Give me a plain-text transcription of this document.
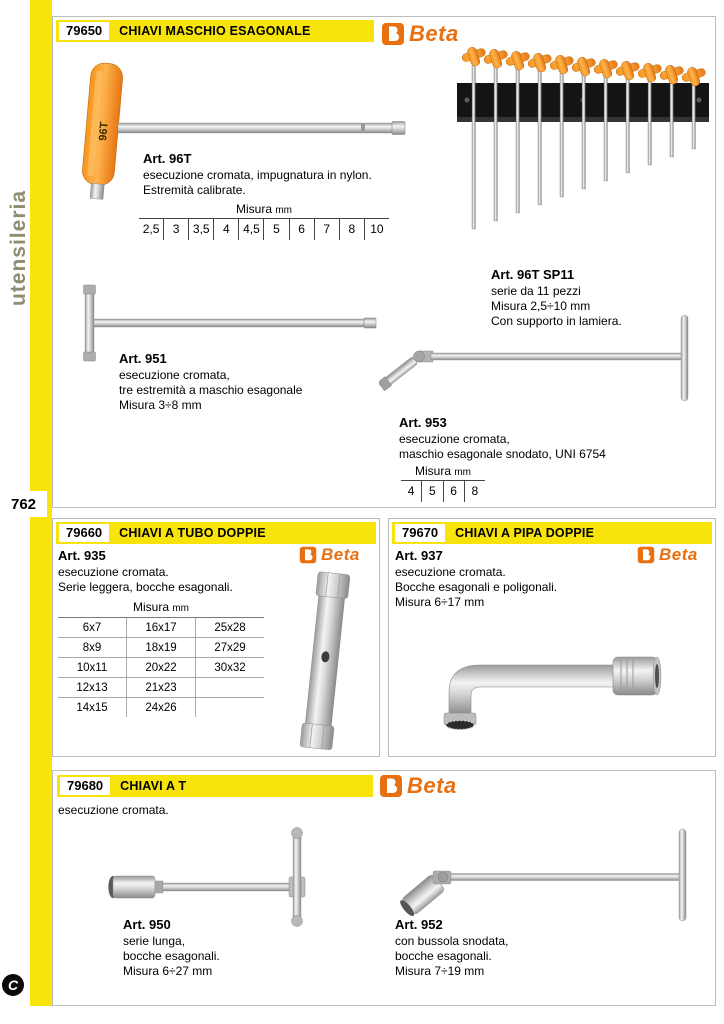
utensileria
762
C
79650	CHIAVI MASCHIO ESAGONALE	Beta
96T
Art. 96T
esecuzione cromata, impugnatura in nylon.
Estremità calibrate.
Misura mm
2,5	3	3,5	4	4,5	5	6	7	8	10
Art. 96T SP11
serie da 11 pezzi
Misura 2,5÷10 mm
Con supporto in lamiera.
Art. 951
esecuzione cromata,
tre estremità a maschio esagonale
Misura 3÷8 mm
Art. 953
esecuzione cromata,
maschio esagonale snodato, UNI 6754
Misura mm
4	5	6	8
79660	CHIAVI A TUBO DOPPIE
Beta
Art. 935
esecuzione cromata.
Serie leggera, bocche esagonali.
Misura mm
6x7	16x17	25x28
8x9	18x19	27x29
10x11	20x22	30x32
12x13	21x23
14x15	24x26
79670	CHIAVI A PIPA DOPPIE
Beta
Art. 937
esecuzione cromata.
Bocche esagonali e poligonali.
Misura 6÷17 mm
79680	CHIAVI A T	Beta
esecuzione cromata.
Art. 950
serie lunga,
bocche esagonali.
Misura 6÷27 mm
Art. 952
con bussola snodata,
bocche esagonali.
Misura 7÷19 mm
